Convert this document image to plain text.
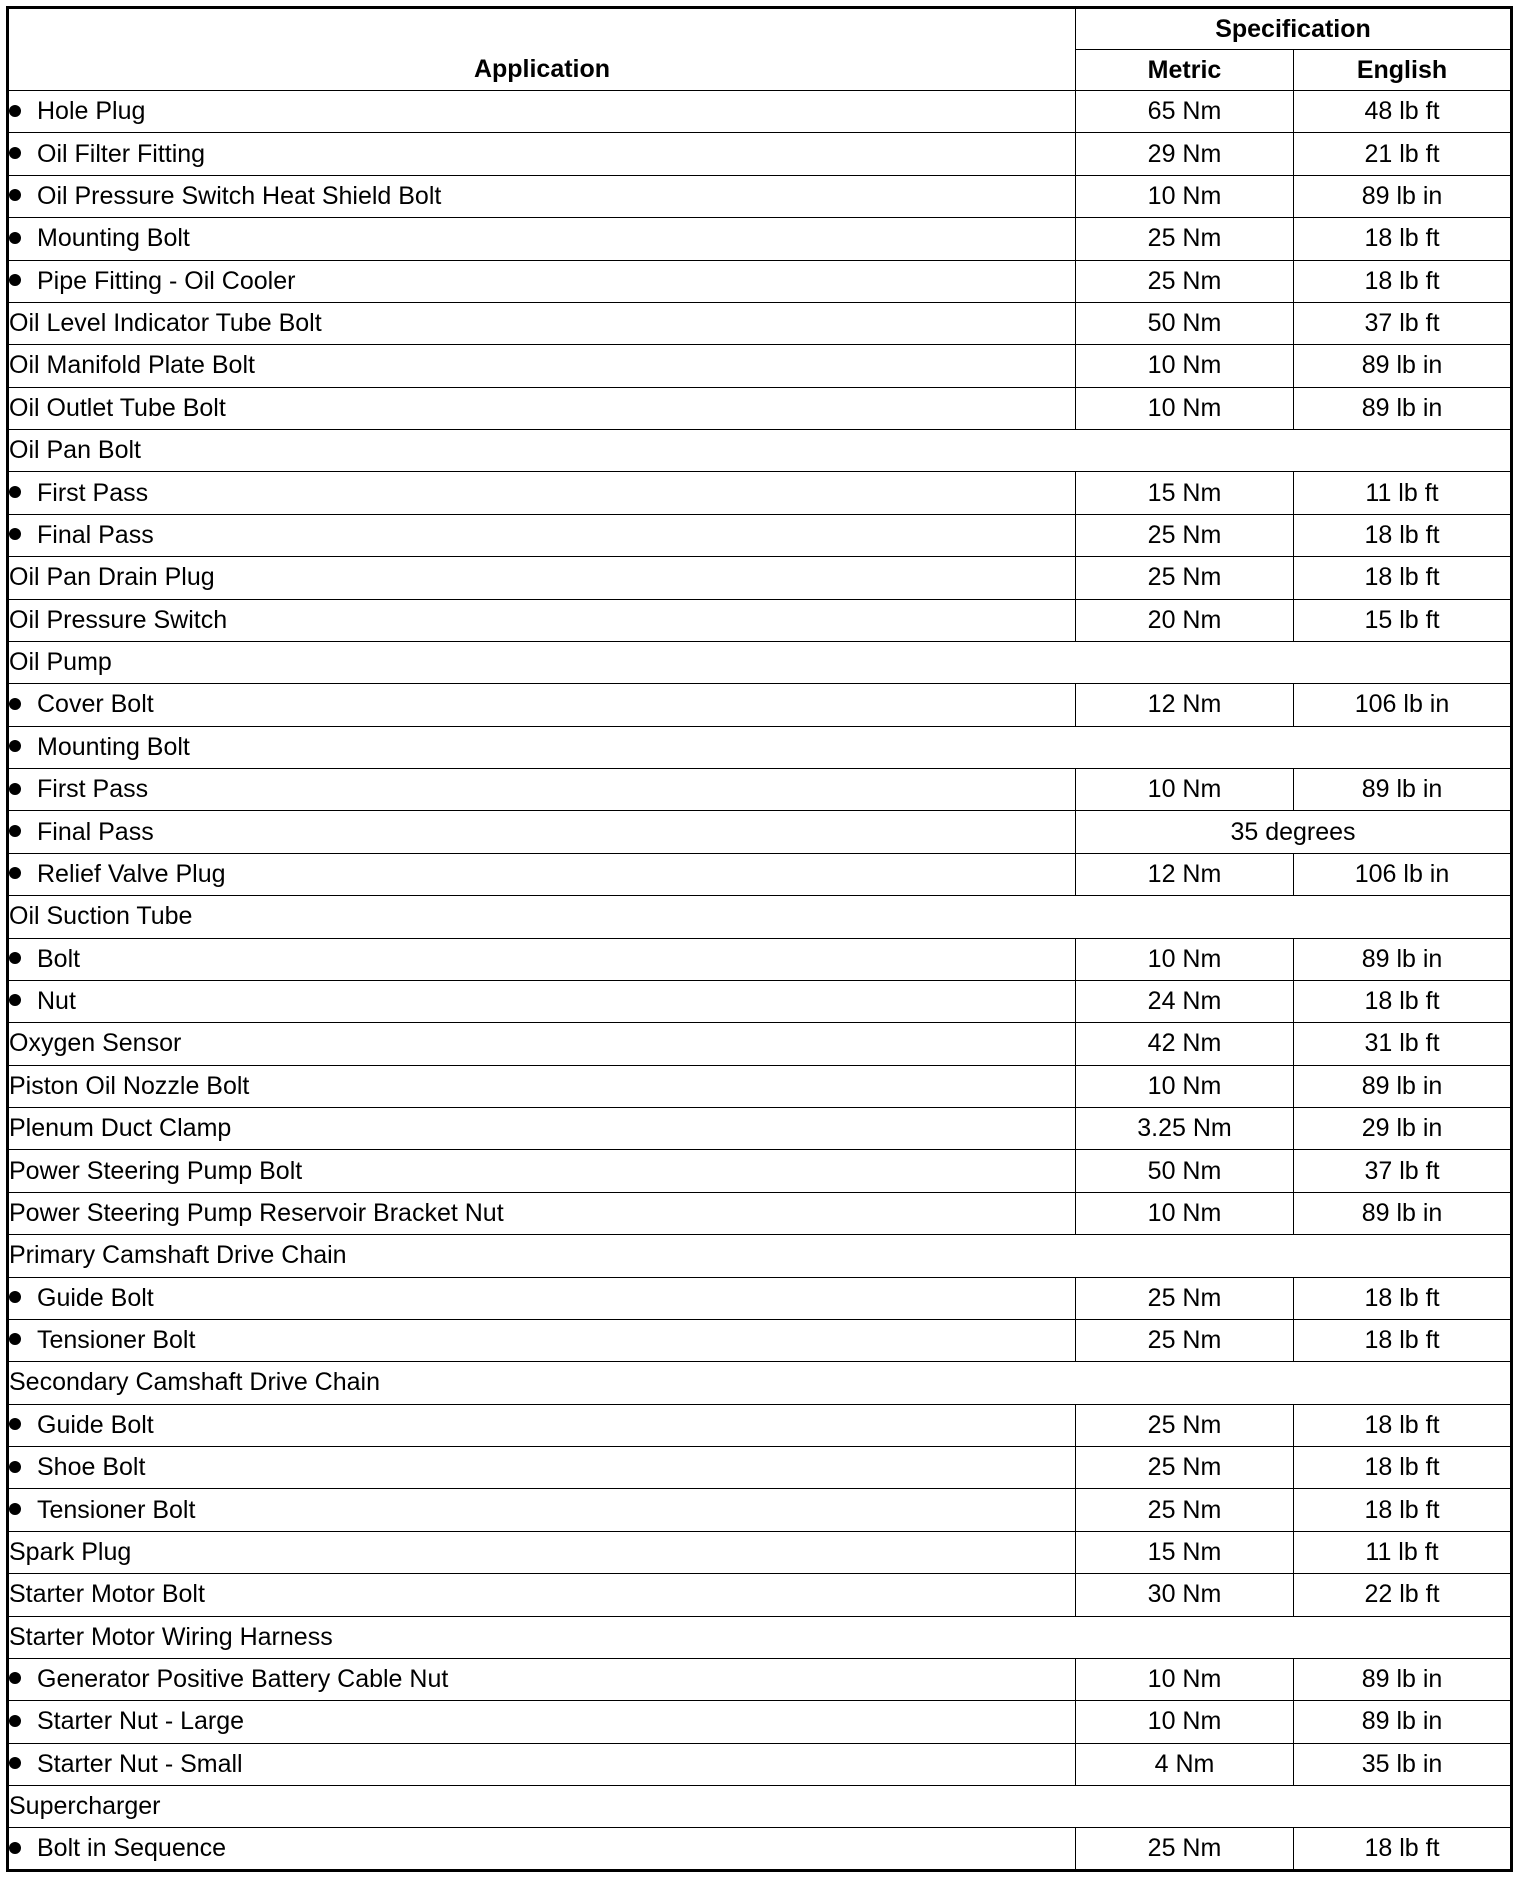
Application	Specification	
	Metric	English
Hole Plug	65 Nm	48 lb ft
Oil Filter Fitting	29 Nm	21 lb ft
Oil Pressure Switch Heat Shield Bolt	10 Nm	89 lb in
Mounting Bolt	25 Nm	18 lb ft
Pipe Fitting - Oil Cooler	25 Nm	18 lb ft
Oil Level Indicator Tube Bolt	50 Nm	37 lb ft
Oil Manifold Plate Bolt	10 Nm	89 lb in
Oil Outlet Tube Bolt	10 Nm	89 lb in
Oil Pan Bolt		
First Pass	15 Nm	11 lb ft
Final Pass	25 Nm	18 lb ft
Oil Pan Drain Plug	25 Nm	18 lb ft
Oil Pressure Switch	20 Nm	15 lb ft
Oil Pump		
Cover Bolt	12 Nm	106 lb in
Mounting Bolt		
First Pass	10 Nm	89 lb in
Final Pass	35 degrees	
Relief Valve Plug	12 Nm	106 lb in
Oil Suction Tube		
Bolt	10 Nm	89 lb in
Nut	24 Nm	18 lb ft
Oxygen Sensor	42 Nm	31 lb ft
Piston Oil Nozzle Bolt	10 Nm	89 lb in
Plenum Duct Clamp	3.25 Nm	29 lb in
Power Steering Pump Bolt	50 Nm	37 lb ft
Power Steering Pump Reservoir Bracket Nut	10 Nm	89 lb in
Primary Camshaft Drive Chain		
Guide Bolt	25 Nm	18 lb ft
Tensioner Bolt	25 Nm	18 lb ft
Secondary Camshaft Drive Chain		
Guide Bolt	25 Nm	18 lb ft
Shoe Bolt	25 Nm	18 lb ft
Tensioner Bolt	25 Nm	18 lb ft
Spark Plug	15 Nm	11 lb ft
Starter Motor Bolt	30 Nm	22 lb ft
Starter Motor Wiring Harness		
Generator Positive Battery Cable Nut	10 Nm	89 lb in
Starter Nut - Large	10 Nm	89 lb in
Starter Nut - Small	4 Nm	35 lb in
Supercharger		
Bolt in Sequence	25 Nm	18 lb ft
